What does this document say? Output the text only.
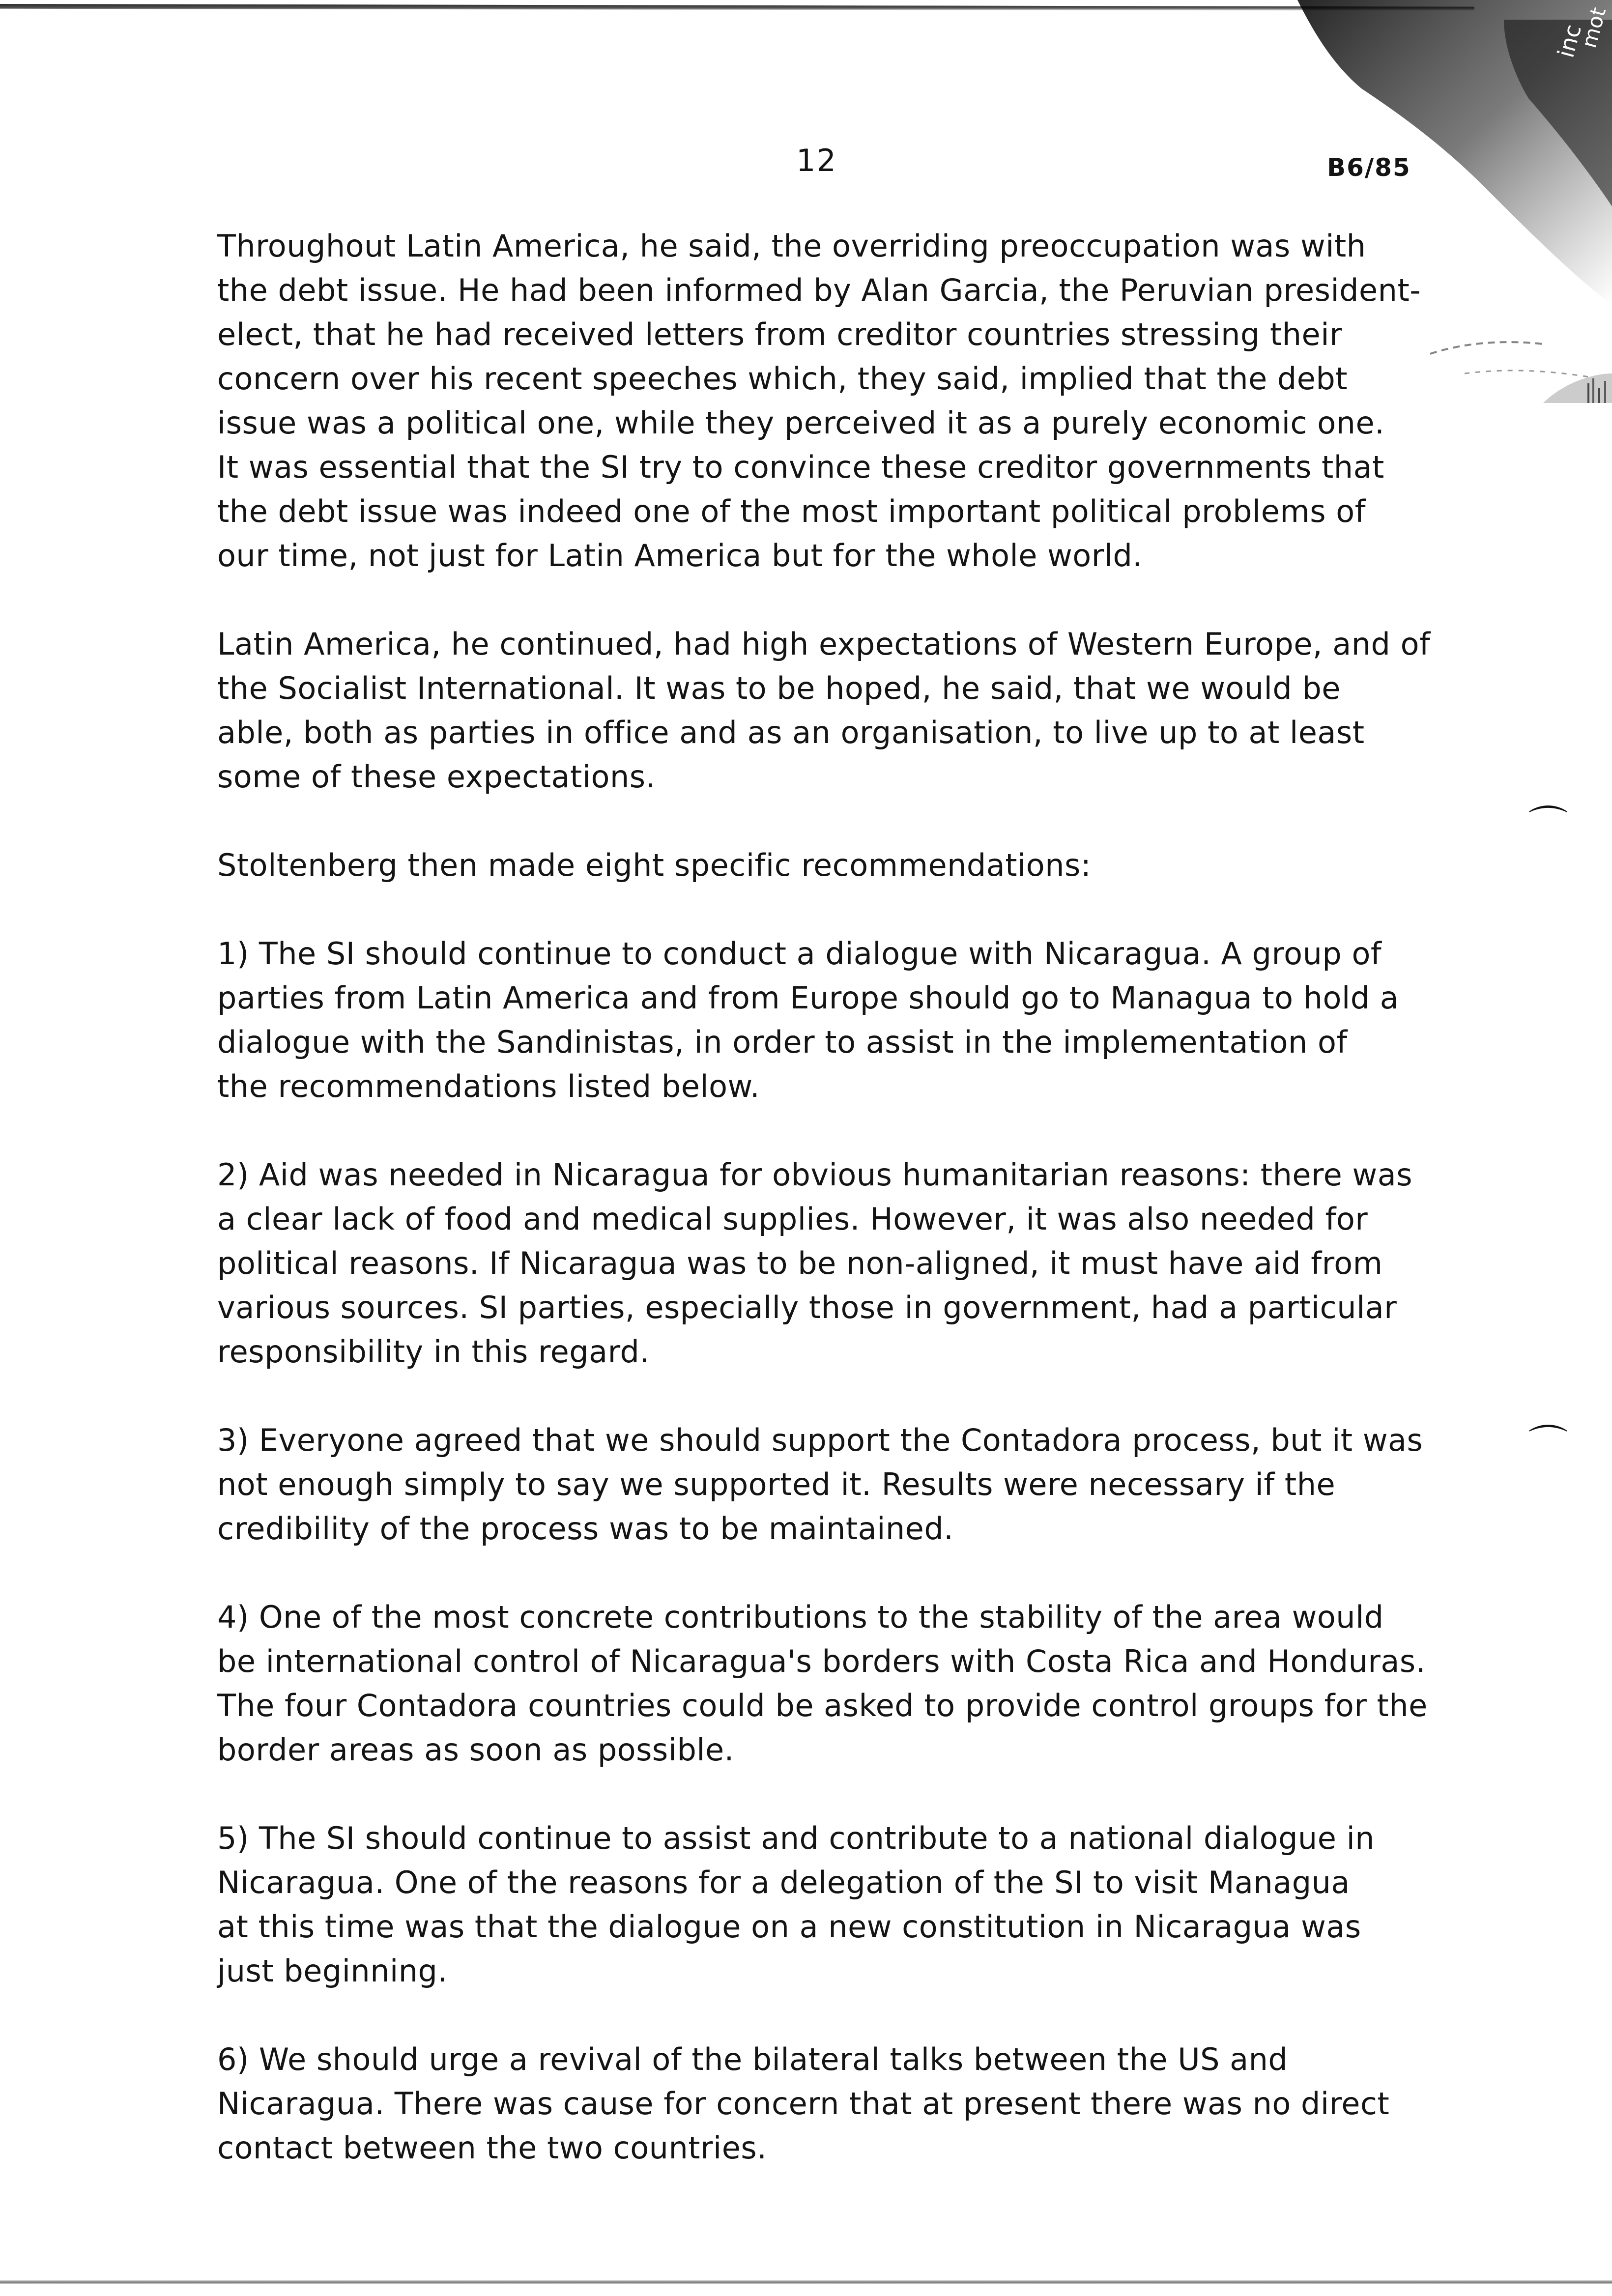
inc
mot
12	B6/85
⌒
⌒
Throughout Latin America, he said, the overriding preoccupation was with
the debt issue. He had been informed by Alan Garcia, the Peruvian president-
elect, that he had received letters from creditor countries stressing their
concern over his recent speeches which, they said, implied that the debt
issue was a political one, while they perceived it as a purely economic one.
It was essential that the SI try to convince these creditor governments that
the debt issue was indeed one of the most important political problems of
our time, not just for Latin America but for the whole world.
Latin America, he continued, had high expectations of Western Europe, and of
the Socialist International. It was to be hoped, he said, that we would be
able, both as parties in office and as an organisation, to live up to at least
some of these expectations.
Stoltenberg then made eight specific recommendations:
1) The SI should continue to conduct a dialogue with Nicaragua. A group of
parties from Latin America and from Europe should go to Managua to hold a
dialogue with the Sandinistas, in order to assist in the implementation of
the recommendations listed below.
2) Aid was needed in Nicaragua for obvious humanitarian reasons: there was
a clear lack of food and medical supplies. However, it was also needed for
political reasons. If Nicaragua was to be non-aligned, it must have aid from
various sources. SI parties, especially those in government, had a particular
responsibility in this regard.
3) Everyone agreed that we should support the Contadora process, but it was
not enough simply to say we supported it. Results were necessary if the
credibility of the process was to be maintained.
4) One of the most concrete contributions to the stability of the area would
be international control of Nicaragua's borders with Costa Rica and Honduras.
The four Contadora countries could be asked to provide control groups for the
border areas as soon as possible.
5) The SI should continue to assist and contribute to a national dialogue in
Nicaragua. One of the reasons for a delegation of the SI to visit Managua
at this time was that the dialogue on a new constitution in Nicaragua was
just beginning.
6) We should urge a revival of the bilateral talks between the US and
Nicaragua. There was cause for concern that at present there was no direct
contact between the two countries.
